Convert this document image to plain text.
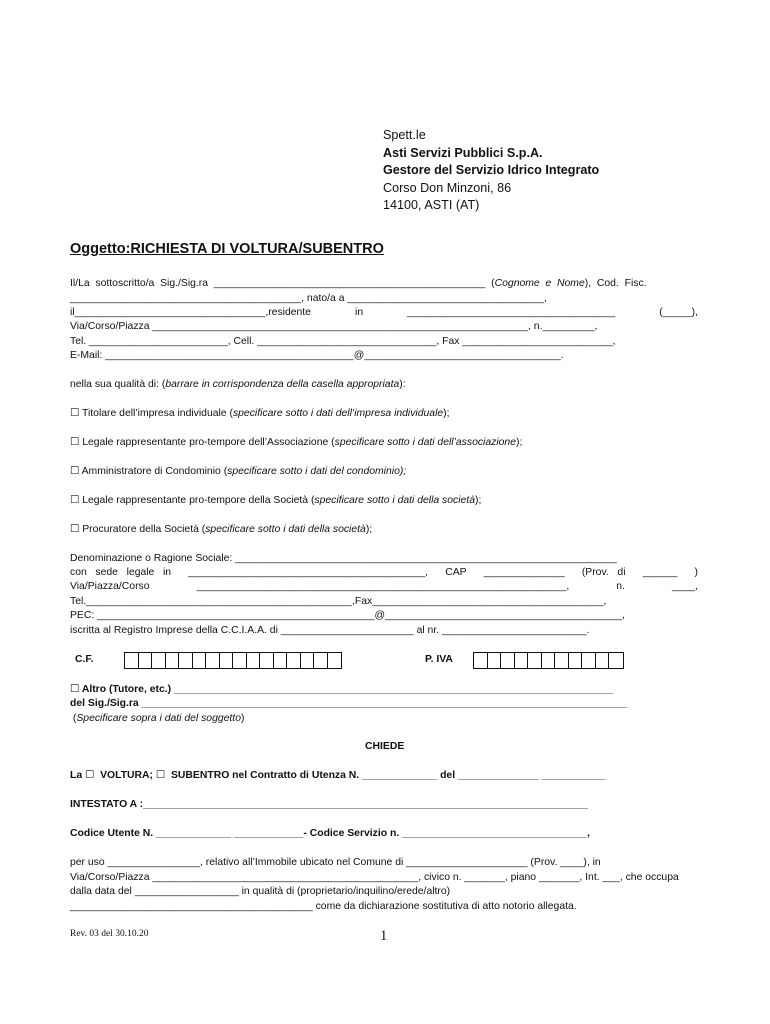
Spett.le
Asti Servizi Pubblici S.p.A.
Gestore del Servizio Idrico Integrato
Corso Don Minzoni, 86
14100, ASTI (AT)
Oggetto:RICHIESTA DI VOLTURA/SUBENTRO
Il/La  sottoscritto/a  Sig./Sig.ra  _______________________________________________  (Cognome  e  Nome),  Cod.  Fisc.
________________________________________, nato/a a __________________________________,
il_________________________________,residente	in	____________________________________	(_____),
Via/Corso/Piazza _________________________________________________________________, n._________,
Tel. ________________________, Cell. _______________________________, Fax __________________________,
E-Mail: ___________________________________________@__________________________________.
nella sua qualità di: (barrare in corrispondenza della casella appropriata):
☐ Titolare dell’impresa individuale (specificare sotto i dati dell’impresa individuale);
☐ Legale rappresentante pro-tempore dell’Associazione (specificare sotto i dati dell’associazione);
☐ Amministratore di Condominio (specificare sotto i dati del condominio);
☐ Legale rappresentante pro-tempore della Società (specificare sotto i dati della società);
☐ Procuratore della Società (specificare sotto i dati della società);
Denominazione o Ragione Sociale: __________________________________________________________________
con   sede   legale   in _________________________________________, CAP ______________ (Prov.   di ______ )
Via/Piazza/Corso	________________________________________________________________,	n.	____,
Tel.______________________________________________,Fax________________________________________,
PEC: ________________________________________________@_________________________________________,
iscritta al Registro Imprese della C.C.I.A.A. di _______________________ al nr. _________________________.
C.F.	P. IVA
☐ Altro (Tutore, etc.) ____________________________________________________________________________
del Sig./Sig.ra ____________________________________________________________________________________
(Specificare sopra i dati del soggetto)
CHIEDE
La ☐  VOLTURA; ☐  SUBENTRO nel Contratto di Utenza N. _____________ del ______________ ___________
INTESTATO A :_____________________________________________________________________________
Codice Utente N. _____________ ____________- Codice Servizio n. ________________________________,
per uso ________________, relativo all’Immobile ubicato nel Comune di _____________________ (Prov. ____), in
Via/Corso/Piazza ______________________________________________, civico n. _______, piano _______, Int. ___, che occupa
dalla data del __________________ in qualità di (proprietario/inquilino/erede/altro)
__________________________________________ come da dichiarazione sostitutiva di atto notorio allegata.
Rev. 03 del 30.10.20	1
